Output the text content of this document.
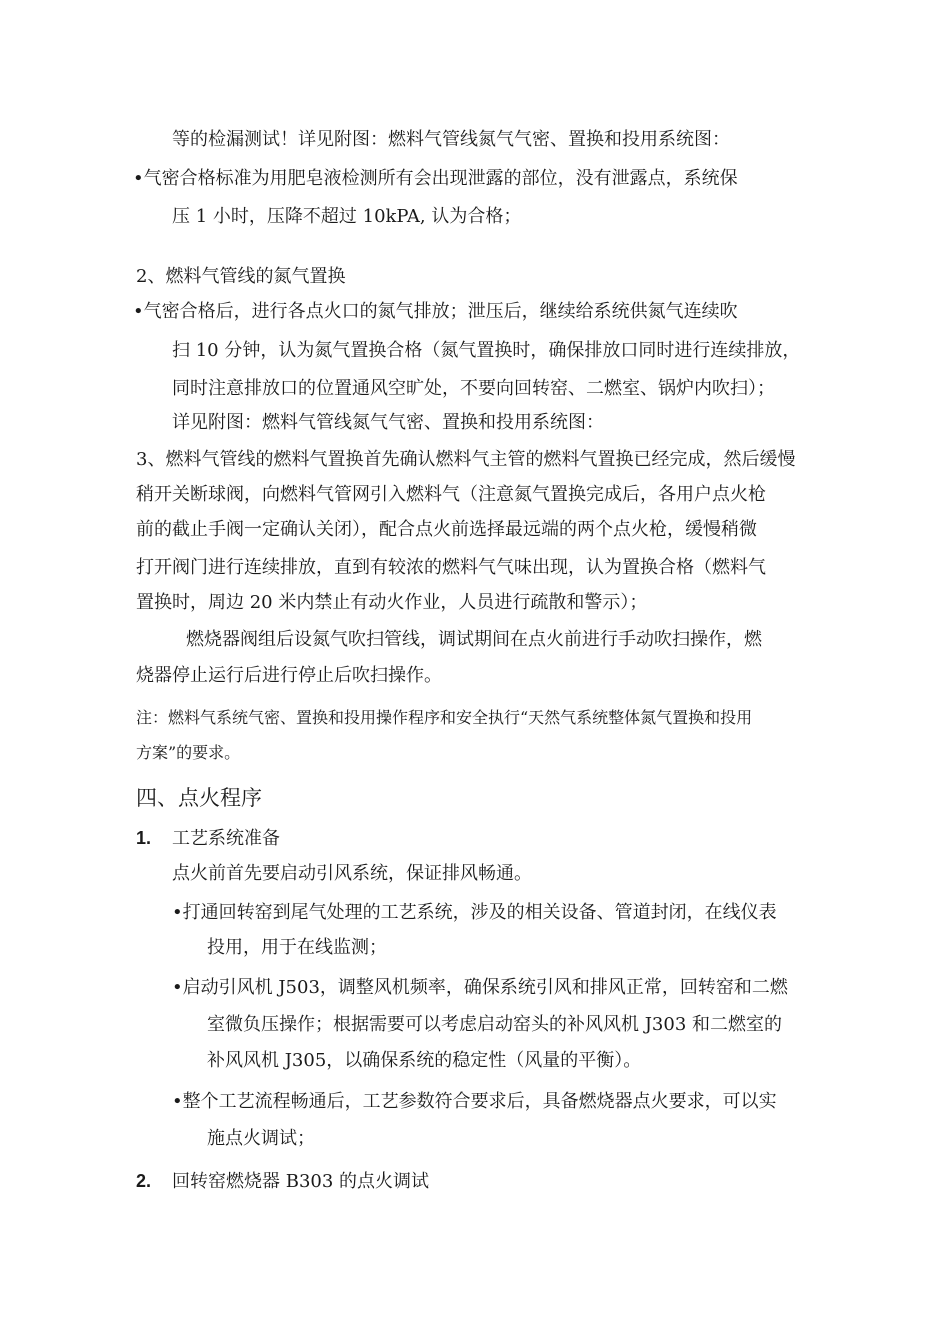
等的检漏测试！详见附图：燃料气管线氮气气密、置换和投用系统图：
•气密合格标准为用肥皂液检测所有会出现泄露的部位，没有泄露点，系统保
压 1 小时，压降不超过 10kPA, 认为合格；
2、燃料气管线的氮气置换
•气密合格后，进行各点火口的氮气排放；泄压后，继续给系统供氮气连续吹
扫 10 分钟，认为氮气置换合格（氮气置换时，确保排放口同时进行连续排放，
同时注意排放口的位置通风空旷处，不要向回转窑、二燃室、锅炉内吹扫）；
详见附图：燃料气管线氮气气密、置换和投用系统图：
3、燃料气管线的燃料气置换首先确认燃料气主管的燃料气置换已经完成，然后缓慢
稍开关断球阀，向燃料气管网引入燃料气（注意氮气置换完成后，各用户点火枪
前的截止手阀一定确认关闭），配合点火前选择最远端的两个点火枪，缓慢稍微
打开阀门进行连续排放，直到有较浓的燃料气气味出现，认为置换合格（燃料气
置换时，周边 20 米内禁止有动火作业，人员进行疏散和警示）；
燃烧器阀组后设氮气吹扫管线，调试期间在点火前进行手动吹扫操作，燃
烧器停止运行后进行停止后吹扫操作。
注：燃料气系统气密、置换和投用操作程序和安全执行“天然气系统整体氮气置换和投用
方案”的要求。
四、点火程序
1. 工艺系统准备
点火前首先要启动引风系统，保证排风畅通。
•打通回转窑到尾气处理的工艺系统，涉及的相关设备、管道封闭，在线仪表
投用，用于在线监测；
•启动引风机 J503，调整风机频率，确保系统引风和排风正常，回转窑和二燃
室微负压操作；根据需要可以考虑启动窑头的补风风机 J303 和二燃室的
补风风机 J305，以确保系统的稳定性（风量的平衡）。
•整个工艺流程畅通后，工艺参数符合要求后，具备燃烧器点火要求，可以实
施点火调试；
2. 回转窑燃烧器 B303 的点火调试
